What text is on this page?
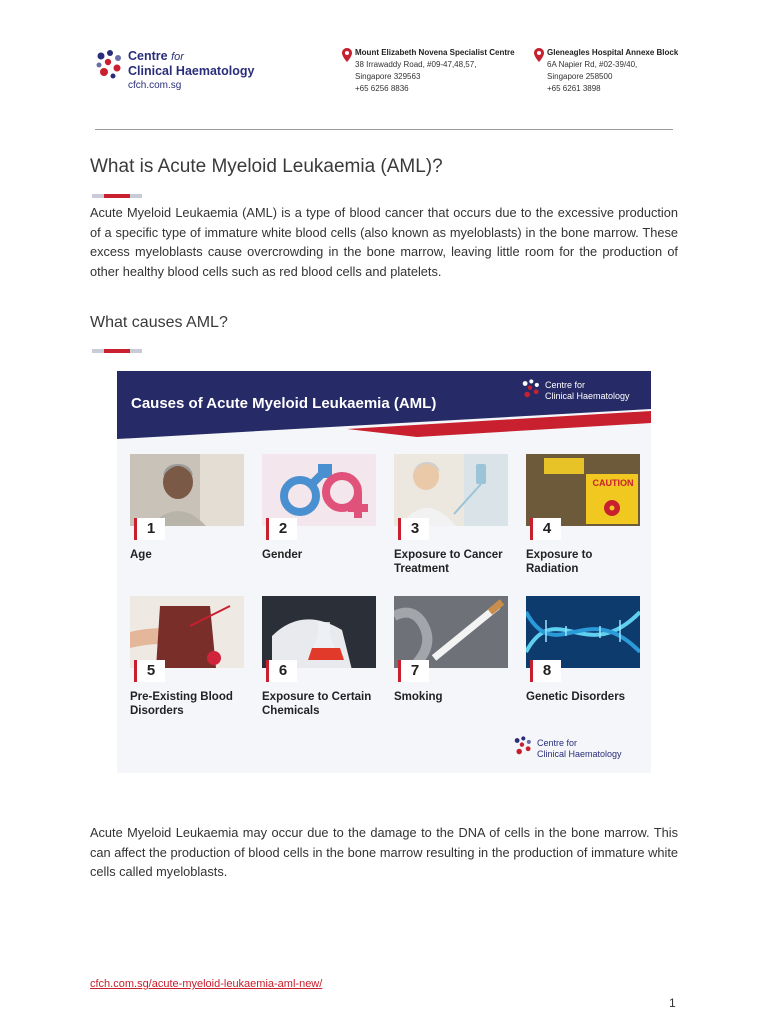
Centre for
Clinical Haematology
cfch.com.sg
Mount Elizabeth Novena Specialist Centre
38 Irrawaddy Road, #09-47,48,57,
Singapore 329563
+65 6256 8836
Gleneagles Hospital Annexe Block
6A Napier Rd, #02-39/40,
Singapore 258500
+65 6261 3898
What is Acute Myeloid Leukaemia (AML)?

Acute Myeloid Leukaemia (AML) is a type of blood cancer that occurs due to the excessive production of a specific type of immature white blood cells (also known as myeloblasts) in the bone marrow. These excess myeloblasts cause overcrowding in the bone marrow, leaving little room for the production of other healthy blood cells such as red blood cells and platelets.

What causes AML?
Causes of Acute Myeloid Leukaemia (AML)
Centre for
Clinical Haematology
1
Age
2
Gender
3
Exposure to Cancer Treatment
CAUTION
4
Exposure to Radiation
5
Pre-Existing Blood Disorders
6
Exposure to Certain Chemicals
7
Smoking
8
Genetic Disorders
Centre for
Clinical Haematology

Acute Myeloid Leukaemia may occur due to the damage to the DNA of cells in the bone marrow. This can affect the production of blood cells in the bone marrow resulting in the production of immature white cells called myeloblasts.

cfch.com.sg/acute-myeloid-leukaemia-aml-new/
1
